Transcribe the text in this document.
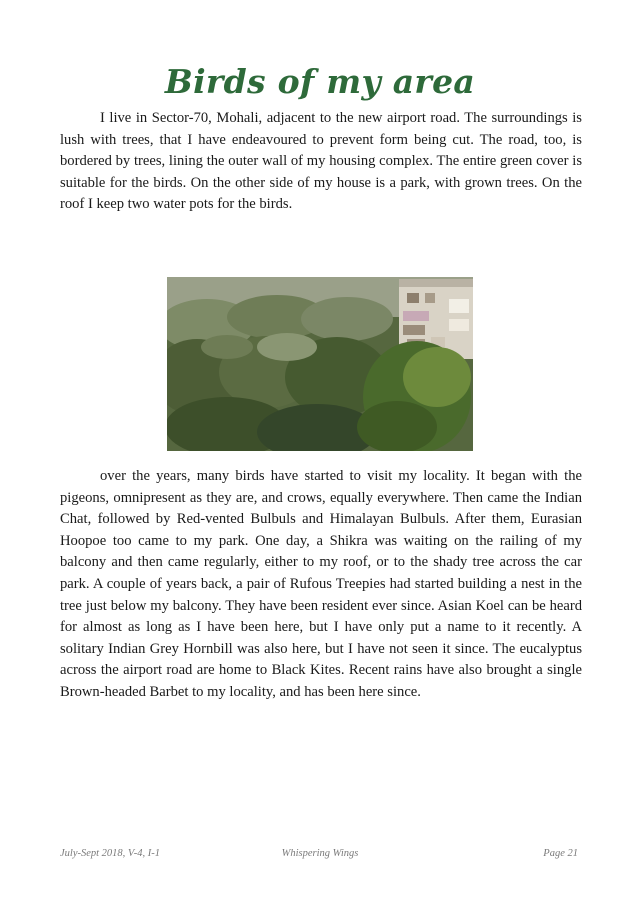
Birds of my area

I live in Sector-70, Mohali, adjacent to the new airport road. The surroundings is lush with trees, that I have endeavoured to prevent form being cut. The road, too, is bordered by trees, lining the outer wall of my housing complex. The entire green cover is suitable for the birds. On the other side of my house is a park, with grown trees. On the roof I keep two water pots for the birds.

over the years, many birds have started to visit my locality. It began with the pigeons, omnipresent as they are, and crows, equally everywhere. Then came the Indian Chat, followed by Red-vented Bulbuls and Himalayan Bulbuls. After them, Eurasian Hoopoe too came to my park. One day, a Shikra was waiting on the railing of my balcony and then came regularly, either to my roof, or to the shady tree across the car park. A couple of years back, a pair of Rufous Treepies had started building a nest in the tree just below my balcony. They have been resident ever since. Asian Koel can be heard for almost as long as I have been here, but I have only put a name to it recently. A solitary Indian Grey Hornbill was also here, but I have not seen it since. The eucalyptus across the airport road are home to Black Kites. Recent rains have also brought a single Brown-headed Barbet to my locality, and has been here since.

July-Sept 2018, V-4, I-1	Whispering Wings	Page 21
